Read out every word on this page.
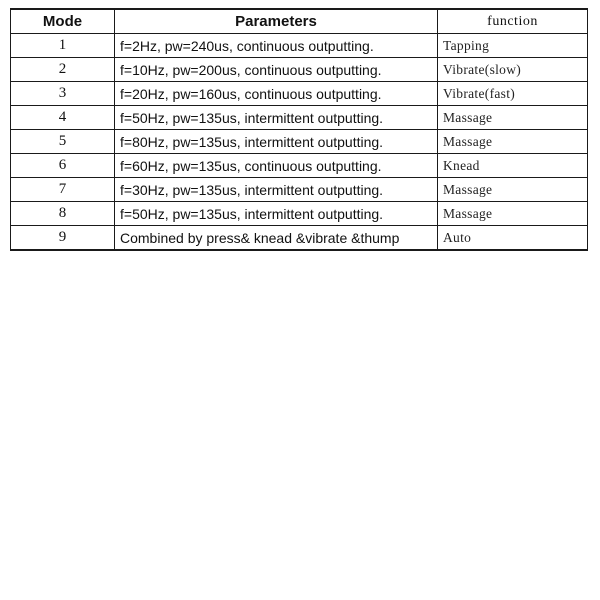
Mode	Parameters	function
1	f=2Hz, pw=240us, continuous outputting.	Tapping
2	f=10Hz, pw=200us, continuous outputting.	Vibrate(slow)
3	f=20Hz, pw=160us, continuous outputting.	Vibrate(fast)
4	f=50Hz, pw=135us, intermittent outputting.	Massage
5	f=80Hz, pw=135us, intermittent outputting.	Massage
6	f=60Hz, pw=135us, continuous outputting.	Knead
7	f=30Hz, pw=135us, intermittent outputting.	Massage
8	f=50Hz, pw=135us, intermittent outputting.	Massage
9	Combined by press& knead &vibrate &thump	Auto
